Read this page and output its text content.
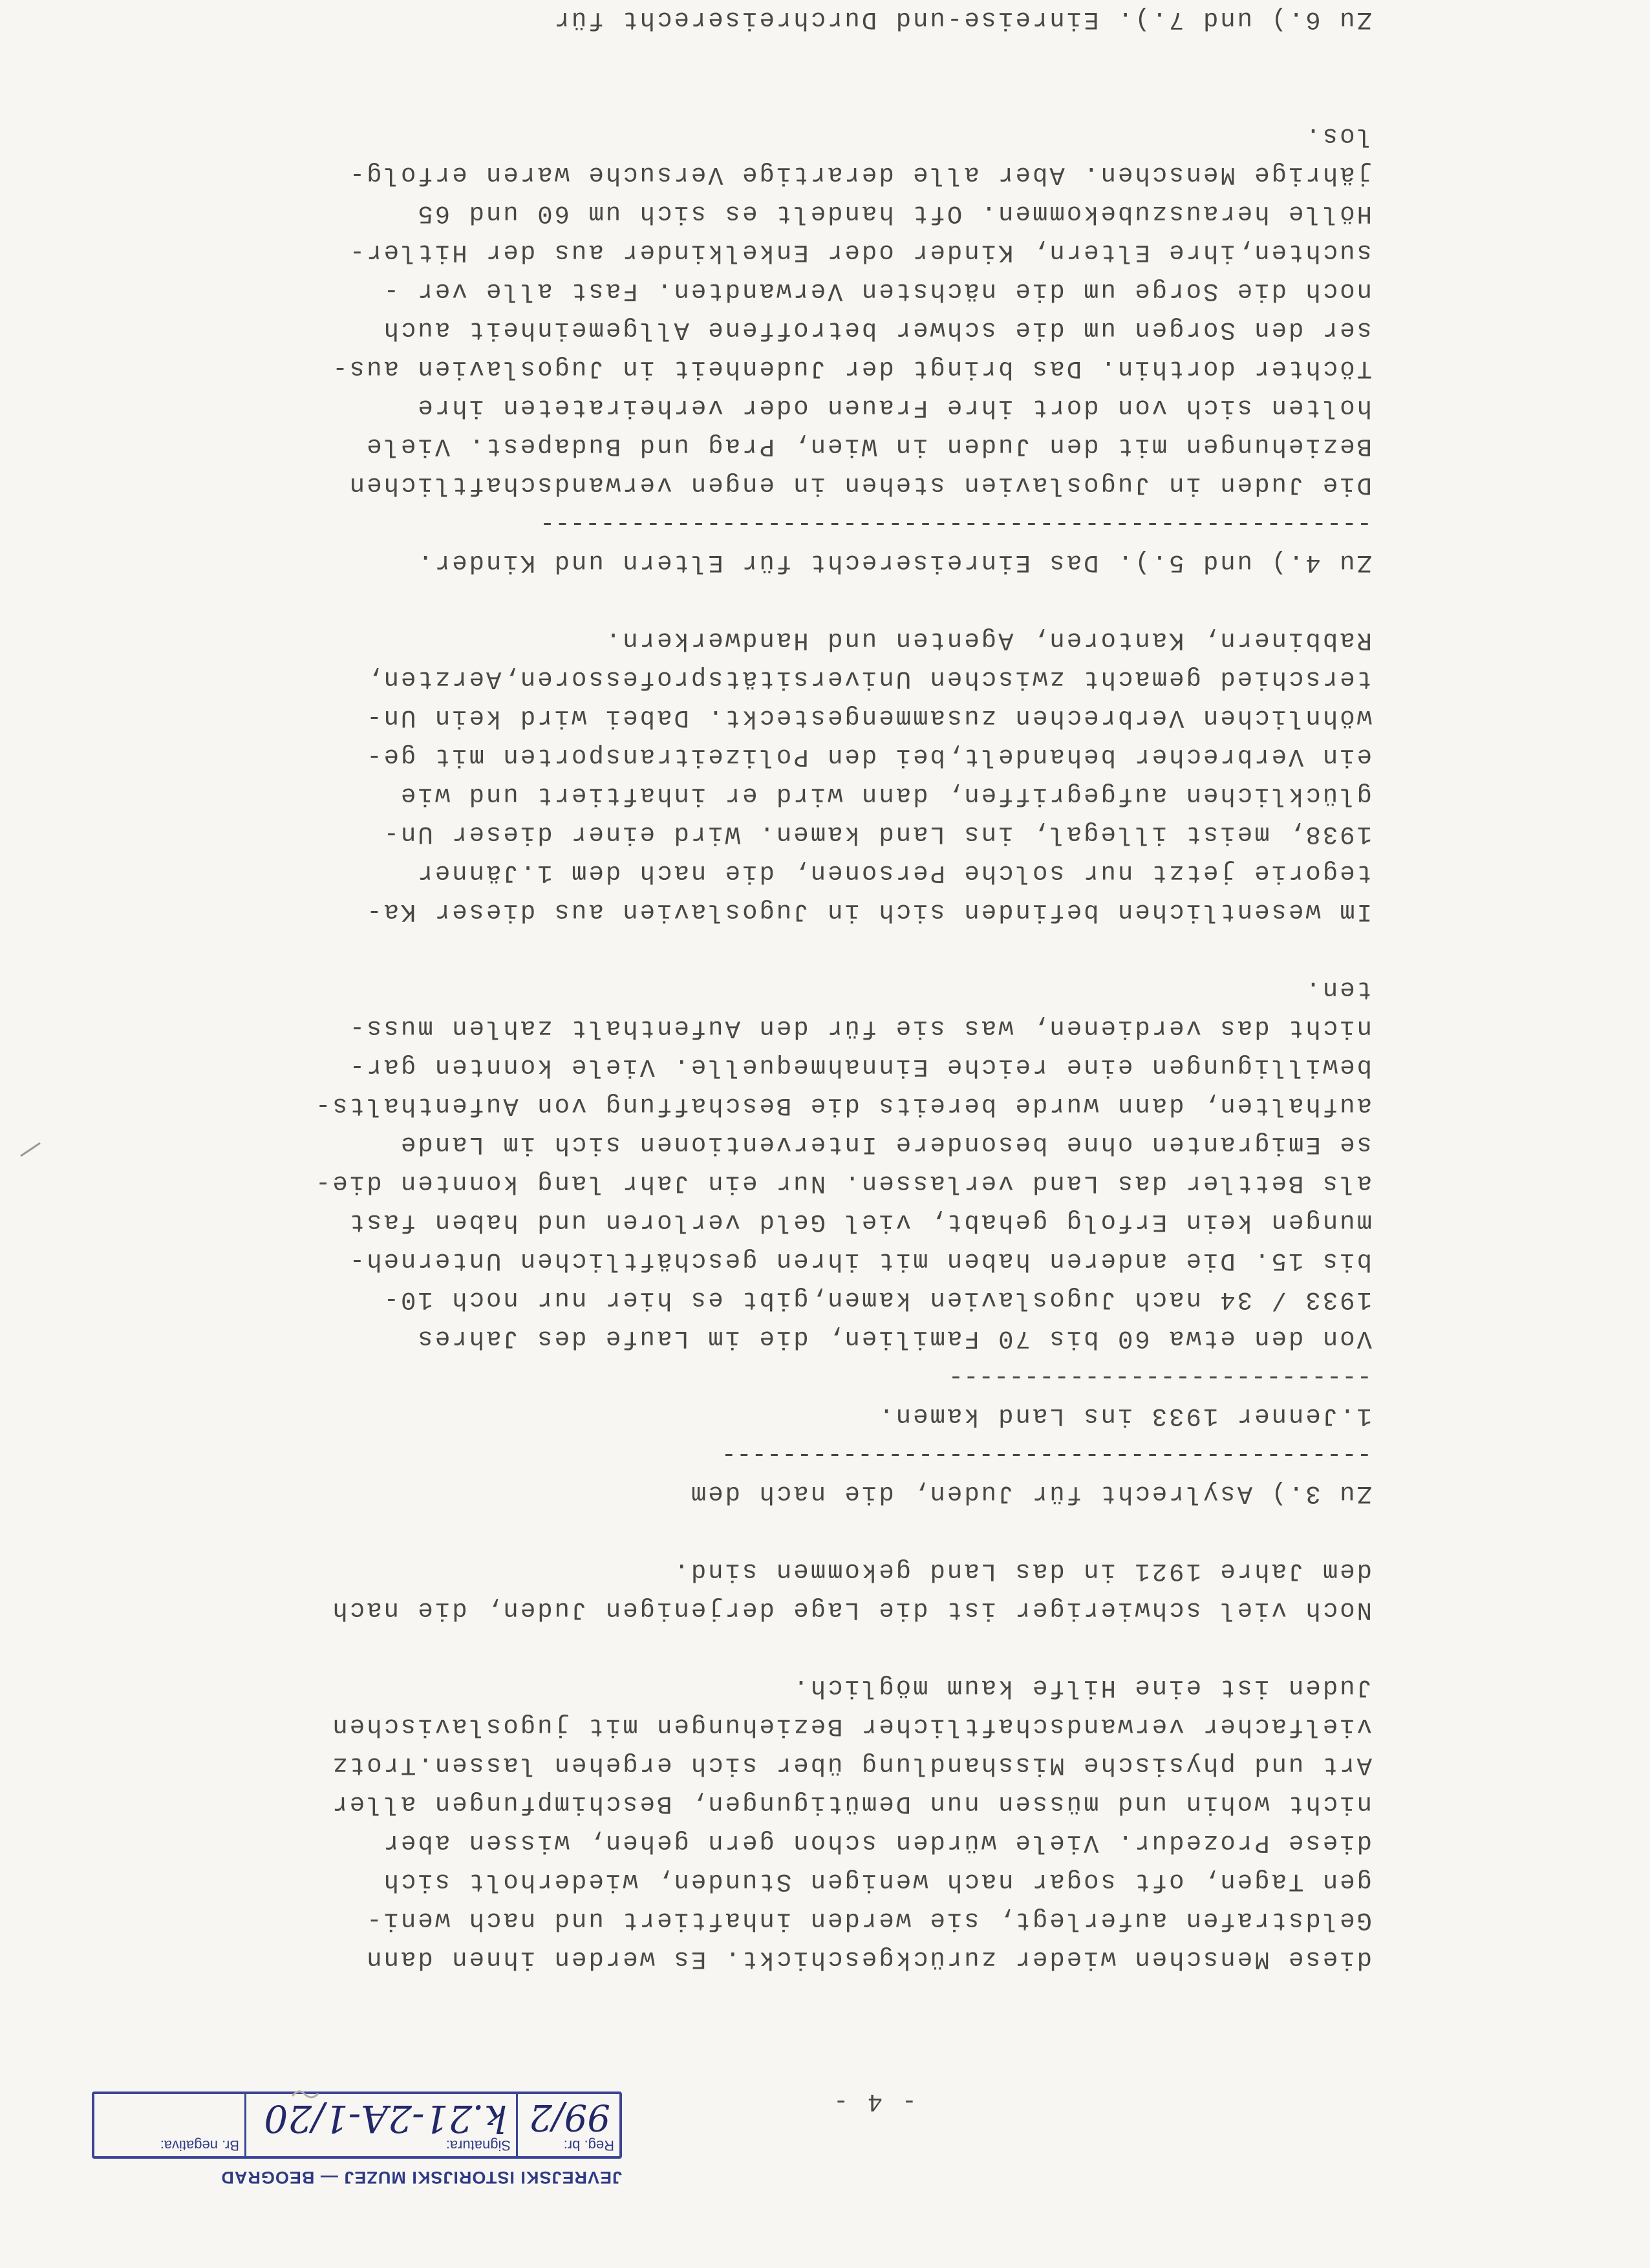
JEVREJSKI ISTORIJSKI MUZEJ — BEOGRAD
Reg. br:
99/2
Signatura:
k.21-2A-1/20
Br. negativa:

- 4 -

diese Menschen wieder zurückgeschickt. Es werden ihnen dann
Geldstrafen auferlegt, sie werden inhaftiert und nach weni-
gen Tagen, oft sogar nach wenigen Stunden, wiederholt sich
diese Prozedur. Viele würden schon gern gehen, wissen aber
nicht wohin und müssen nun Demütigungen, Beschimpfungen aller
Art und physische Misshandlung über sich ergehen lassen.Trotz
vielfacher verwandschaftlicher Beziehungen mit jugoslavischen
Juden ist eine Hilfe kaum möglich.
Noch viel schwieriger ist die Lage derjenigen Juden, die nach
dem Jahre 1921 in das Land gekommen sind.
Zu 3.) Asylrecht für Juden, die nach dem
-------------------------------------------
1.Jenner 1933 ins Land kamen.
----------------------------
Von den etwa 60 bis 70 Familien, die im Laufe des Jahres
1933 / 34 nach Jugoslavien kamen,gibt es hier nur noch 10-
bis 15. Die anderen haben mit ihren geschäftlichen Unterneh-
mungen kein Erfolg gehabt, viel Geld verloren und haben fast
als Bettler das Land verlassen. Nur ein Jahr lang konnten die-
se Emigranten ohne besondere Interventionen sich im Lande
aufhalten, dann wurde bereits die Beschaffung von Aufenthalts-
bewilligungen eine reiche Einnahmequelle. Viele konnten gar-
nicht das verdienen, was sie für den Aufenthalt zahlen muss-
ten.
Im wesentlichen befinden sich in Jugoslavien aus dieser Ka-
tegorie jetzt nur solche Personen, die nach dem 1.Jänner
1938, meist illegal, ins Land kamen. Wird einer dieser Un-
glücklichen aufgegriffen, dann wird er inhaftiert und wie
ein Verbrecher behandelt,bei den Polizeitransporten mit ge-
wöhnlichen Verbrechen zusammengesteckt. Dabei wird kein Un-
terschied gemacht zwischen Universitätsprofessoren,Aerzten,
Rabbinern, Kantoren, Agenten und Handwerkern.
Zu 4.) und 5.). Das Einreiserecht für Eltern und Kinder.
-------------------------------------------------------
Die Juden in Jugoslavien stehen in engen verwandschaftlichen
Beziehungen mit den Juden in Wien, Prag und Budapest. Viele
holten sich von dort ihre Frauen oder verheirateten ihre
Töchter dorthin. Das bringt der Judenheit in Jugoslavien aus-
ser den Sorgen um die schwer betroffene Allgemeinheit auch
noch die Sorge um die nächsten Verwandten. Fast alle ver -
suchten,ihre Eltern, Kinder oder Enkelkinder aus der Hitler-
Hölle herauszubekommen. Oft handelt es sich um 60 und 65
jährige Menschen. Aber alle derartige Versuche waren erfolg-
los.
Zu 6.) und 7.). Einreise-und Durchreiserecht für
